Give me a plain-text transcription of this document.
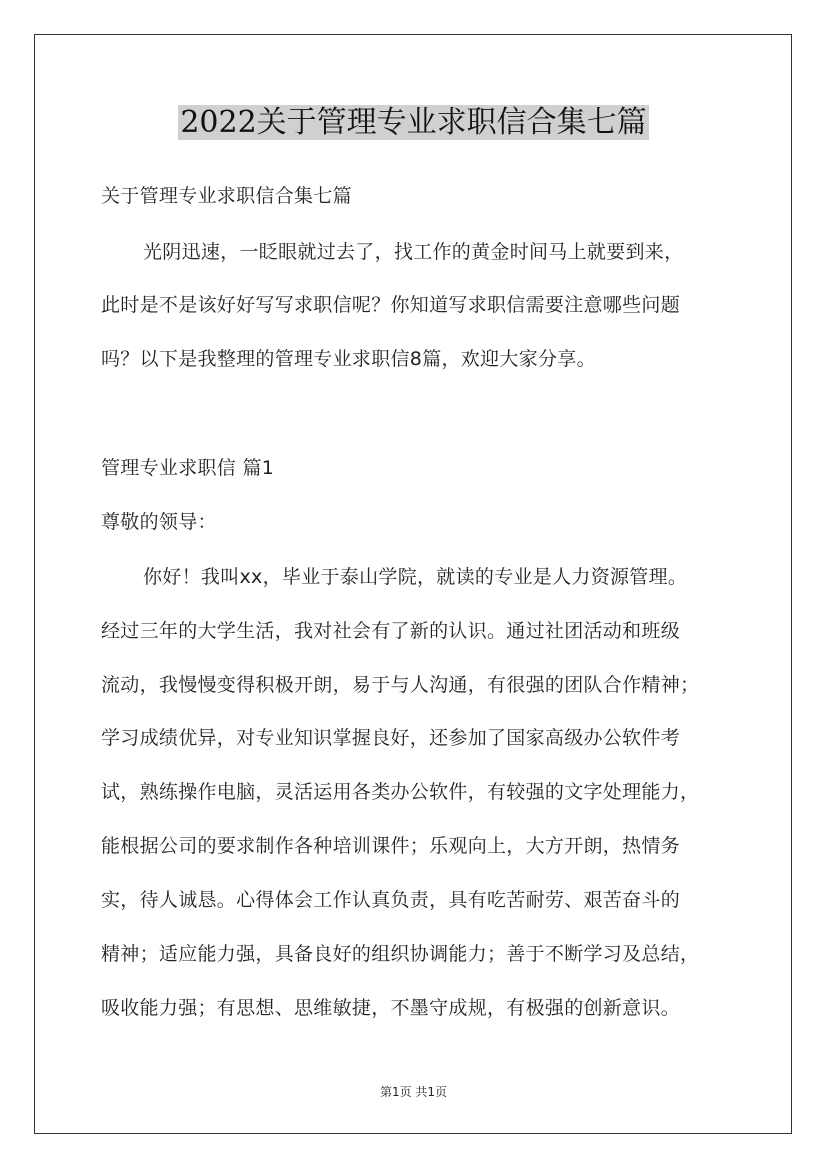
2022关于管理专业求职信合集七篇
关于管理专业求职信合集七篇
光阴迅速，一眨眼就过去了，找工作的黄金时间马上就要到来，
此时是不是该好好写写求职信呢？你知道写求职信需要注意哪些问题
吗？以下是我整理的管理专业求职信8篇，欢迎大家分享。
管理专业求职信 篇1
尊敬的领导：
你好！我叫xx，毕业于泰山学院，就读的专业是人力资源管理。
经过三年的大学生活，我对社会有了新的认识。通过社团活动和班级
流动，我慢慢变得积极开朗，易于与人沟通，有很强的团队合作精神；
学习成绩优异，对专业知识掌握良好，还参加了国家高级办公软件考
试，熟练操作电脑，灵活运用各类办公软件，有较强的文字处理能力，
能根据公司的要求制作各种培训课件；乐观向上，大方开朗，热情务
实，待人诚恳。心得体会工作认真负责，具有吃苦耐劳、艰苦奋斗的
精神；适应能力强，具备良好的组织协调能力；善于不断学习及总结，
吸收能力强；有思想、思维敏捷，不墨守成规，有极强的创新意识。
第1页 共1页
